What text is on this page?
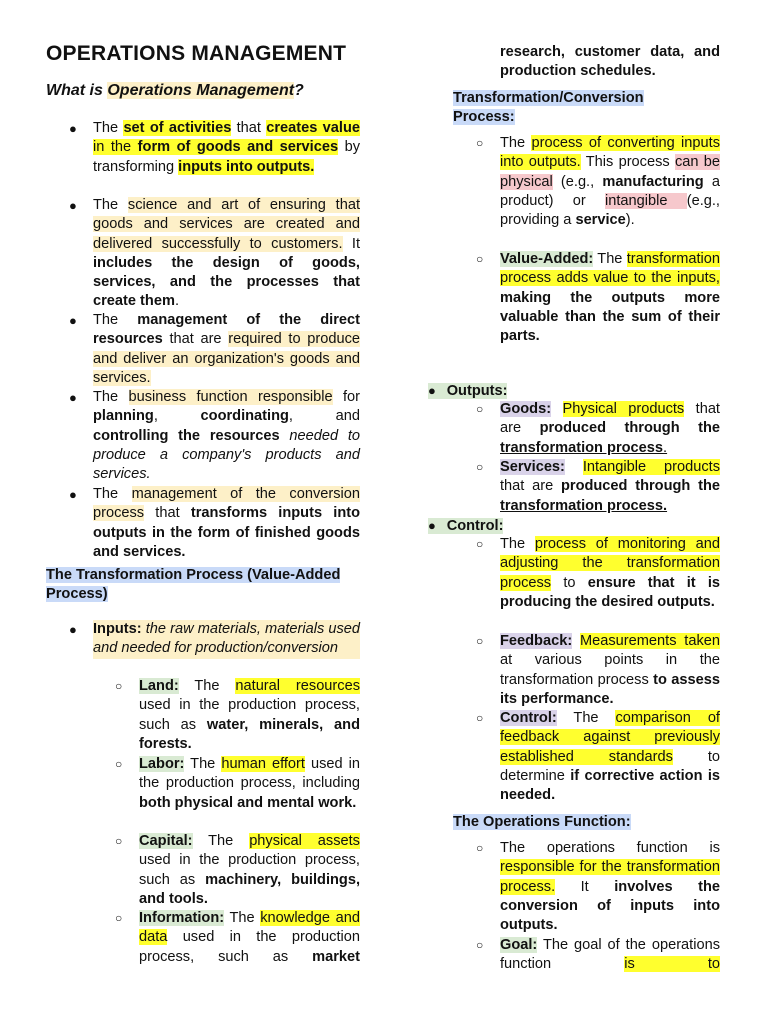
OPERATIONS MANAGEMENT
What is Operations Management?
● The set of activities that creates value in the form of goods and services by transforming inputs into outputs.
● The science and art of ensuring that goods and services are created and delivered successfully to customers. It includes the design of goods, services, and the processes that create them.
● The management of the direct resources that are required to produce and deliver an organization's goods and services.
● The business function responsible for planning, coordinating, and controlling the resources needed to produce a company's products and services.
● The management of the conversion process that transforms inputs into outputs in the form of finished goods and services.
The Transformation Process (Value-Added Process)
● Inputs: the raw materials, materials used and needed for production/conversion
○ Land: The natural resources used in the production process, such as water, minerals, and forests.
○ Labor: The human effort used in the production process, including both physical and mental work.
○ Capital: The physical assets used in the production process, such as machinery, buildings, and tools.
○ Information: The knowledge and data used in the production process, such as market
research, customer data, and production schedules.
Transformation/Conversion Process:
○ The process of converting inputs into outputs. This process can be physical (e.g., manufacturing a product) or intangible (e.g., providing a service).
○ Value-Added: The transformation process adds value to the inputs, making the outputs more valuable than the sum of their parts.
●   Outputs:
○ Goods: Physical products that are produced through the transformation process.
○ Services: Intangible products that are produced through the transformation process.
●   Control:
○ The process of monitoring and adjusting the transformation process to ensure that it is producing the desired outputs.
○ Feedback: Measurements taken at various points in the transformation process to assess its performance.
○ Control: The comparison of feedback against previously established standards to determine if corrective action is needed.
The Operations Function:
○ The operations function is responsible for the transformation process. It involves the conversion of inputs into outputs.
○ Goal: The goal of the operations function is to
